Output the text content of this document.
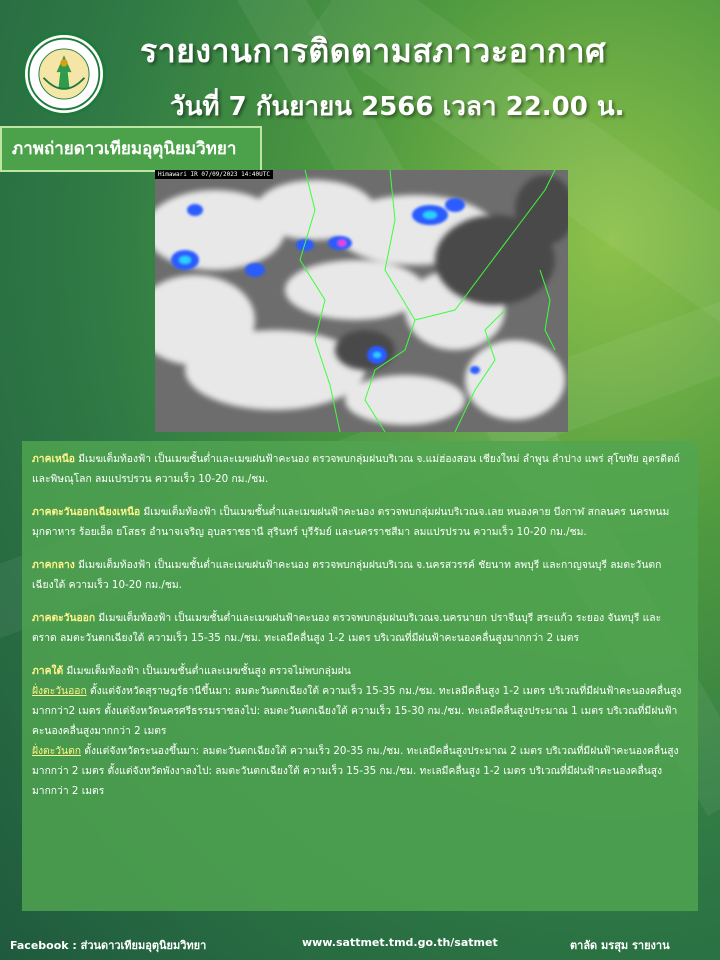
รายงานการติดตามสภาวะอากาศ
วันที่ 7 กันยายน 2566 เวลา 22.00 น.
ภาพถ่ายดาวเทียมอุตุนิยมวิทยา
Himawari IR 07/09/2023 14:40UTC

ภาคเหนือ มีเมฆเต็มท้องฟ้า เป็นเมฆชั้นต่ำและเมฆฝนฟ้าคะนอง ตรวจพบกลุ่มฝนบริเวณ จ.แม่ฮ่องสอน เชียงใหม่ ลำพูน ลำปาง แพร่ สุโขทัย อุตรดิตถ์ และพิษณุโลก ลมแปรปรวน ความเร็ว 10-20 กม./ชม.

ภาคตะวันออกเฉียงเหนือ มีเมฆเต็มท้องฟ้า เป็นเมฆชั้นต่ำและเมฆฝนฟ้าคะนอง ตรวจพบกลุ่มฝนบริเวณจ.เลย หนองคาย บึงกาฬ สกลนคร นครพนม มุกดาหาร ร้อยเอ็ด ยโสธร อำนาจเจริญ อุบลราชธานี สุรินทร์ บุรีรัมย์ และนครราชสีมา ลมแปรปรวน ความเร็ว 10-20 กม./ชม.

ภาคกลาง มีเมฆเต็มท้องฟ้า เป็นเมฆชั้นต่ำและเมฆฝนฟ้าคะนอง ตรวจพบกลุ่มฝนบริเวณ จ.นครสวรรค์ ชัยนาท ลพบุรี และกาญจนบุรี ลมตะวันตกเฉียงใต้ ความเร็ว 10-20 กม./ชม.

ภาคตะวันออก มีเมฆเต็มท้องฟ้า เป็นเมฆชั้นต่ำและเมฆฝนฟ้าคะนอง ตรวจพบกลุ่มฝนบริเวณจ.นครนายก ปราจีนบุรี สระแก้ว ระยอง จันทบุรี และตราด ลมตะวันตกเฉียงใต้ ความเร็ว 15-35 กม./ชม. ทะเลมีคลื่นสูง 1-2 เมตร บริเวณที่มีฝนฟ้าคะนองคลื่นสูงมากกว่า 2 เมตร

ภาคใต้ มีเมฆเต็มท้องฟ้า เป็นเมฆชั้นต่ำและเมฆชั้นสูง ตรวจไม่พบกลุ่มฝน
ฝั่งตะวันออก ตั้งแต่จังหวัดสุราษฎร์ธานีขึ้นมา: ลมตะวันตกเฉียงใต้ ความเร็ว 15-35 กม./ชม. ทะเลมีคลื่นสูง 1-2 เมตร บริเวณที่มีฝนฟ้าคะนองคลื่นสูงมากกว่า2 เมตร ตั้งแต่จังหวัดนครศรีธรรมราชลงไป: ลมตะวันตกเฉียงใต้ ความเร็ว 15-30 กม./ชม. ทะเลมีคลื่นสูงประมาณ 1 เมตร บริเวณที่มีฝนฟ้าคะนองคลื่นสูงมากกว่า 2 เมตร
ฝั่งตะวันตก ตั้งแต่จังหวัดระนองขึ้นมา: ลมตะวันตกเฉียงใต้ ความเร็ว 20-35 กม./ชม. ทะเลมีคลื่นสูงประมาณ 2 เมตร บริเวณที่มีฝนฟ้าคะนองคลื่นสูงมากกว่า 2 เมตร ตั้งแต่จังหวัดพังงาลงไป: ลมตะวันตกเฉียงใต้ ความเร็ว 15-35 กม./ชม. ทะเลมีคลื่นสูง 1-2 เมตร บริเวณที่มีฝนฟ้าคะนองคลื่นสูงมากกว่า 2 เมตร

Facebook : ส่วนดาวเทียมอุตุนิยมวิทยา	www.sattmet.tmd.go.th/satmet	ตาลัด มรสุม รายงาน
